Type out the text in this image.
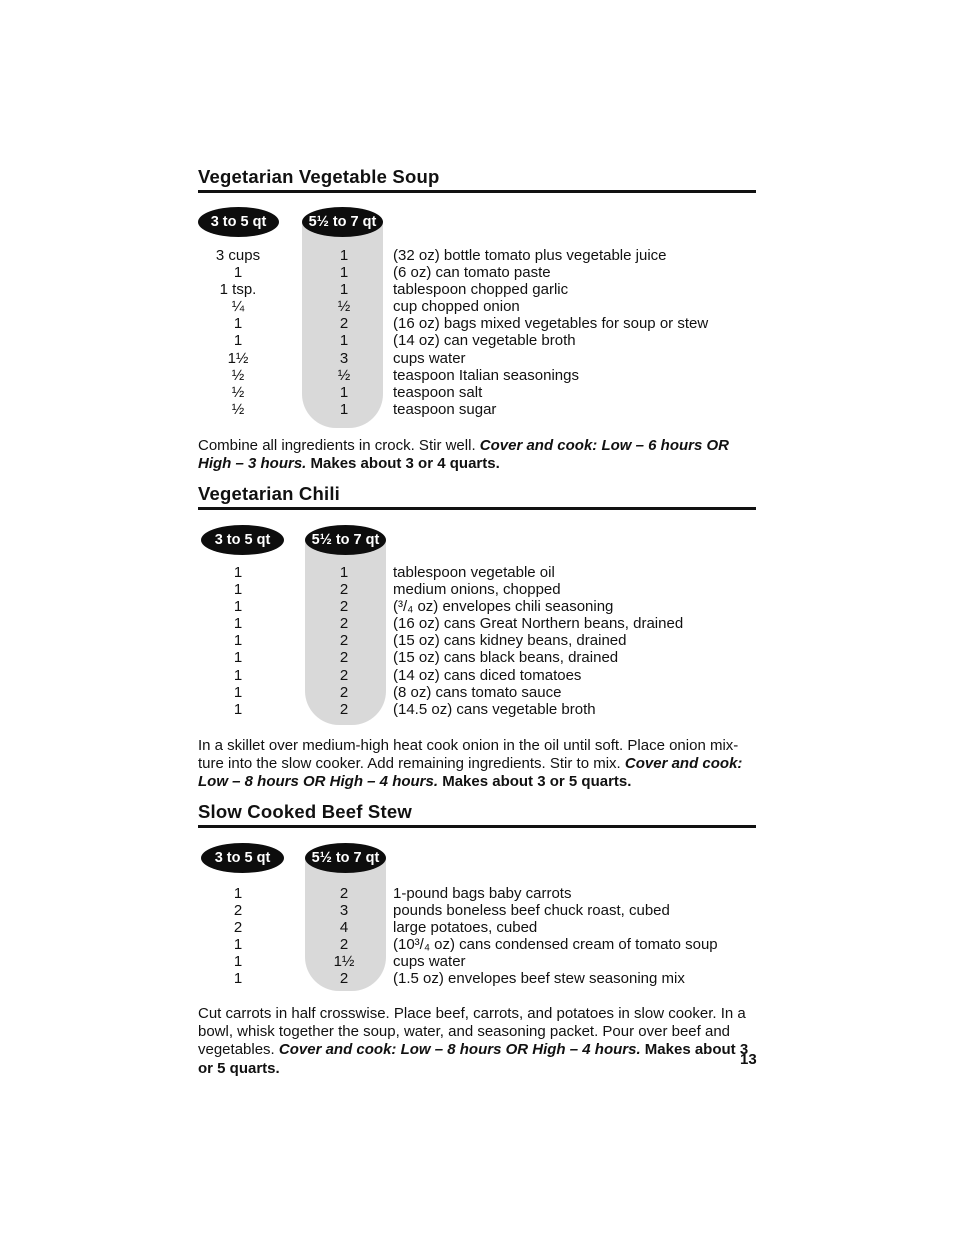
Vegetarian Vegetable Soup
3 to 5 qt	5½ to 7 qt
3 cups	1	(32 oz) bottle tomato plus vegetable juice
1	1	(6 oz) can tomato paste
1 tsp.	1	tablespoon chopped garlic
¼	½	cup chopped onion
1	2	(16 oz) bags mixed vegetables for soup or stew
1	1	(14 oz) can vegetable broth
1½	3	cups water
½	½	teaspoon Italian seasonings
½	1	teaspoon salt
½	1	teaspoon sugar
Combine all ingredients in crock. Stir well. Cover and cook: Low – 6 hours OR High – 3 hours. Makes about 3 or 4 quarts.
Vegetarian Chili
3 to 5 qt	5½ to 7 qt
1	1	tablespoon vegetable oil
1	2	medium onions, chopped
1	2	(³/₄ oz) envelopes chili seasoning
1	2	(16 oz) cans Great Northern beans, drained
1	2	(15 oz) cans kidney beans, drained
1	2	(15 oz) cans black beans, drained
1	2	(14 oz) cans diced tomatoes
1	2	(8 oz) cans tomato sauce
1	2	(14.5 oz) cans vegetable broth
In a skillet over medium-high heat cook onion in the oil until soft. Place onion mixture into the slow cooker. Add remaining ingredients. Stir to mix. Cover and cook: Low – 8 hours OR High – 4 hours. Makes about 3 or 5 quarts.
Slow Cooked Beef Stew
3 to 5 qt	5½ to 7 qt
1	2	1-pound bags baby carrots
2	3	pounds boneless beef chuck roast, cubed
2	4	large potatoes, cubed
1	2	(10³/₄ oz) cans condensed cream of tomato soup
1	1½	cups water
1	2	(1.5 oz) envelopes beef stew seasoning mix
Cut carrots in half crosswise. Place beef, carrots, and potatoes in slow cooker. In a bowl, whisk together the soup, water, and seasoning packet. Pour over beef and vegetables. Cover and cook: Low – 8 hours OR High – 4 hours. Makes about 3 or 5 quarts.
13
